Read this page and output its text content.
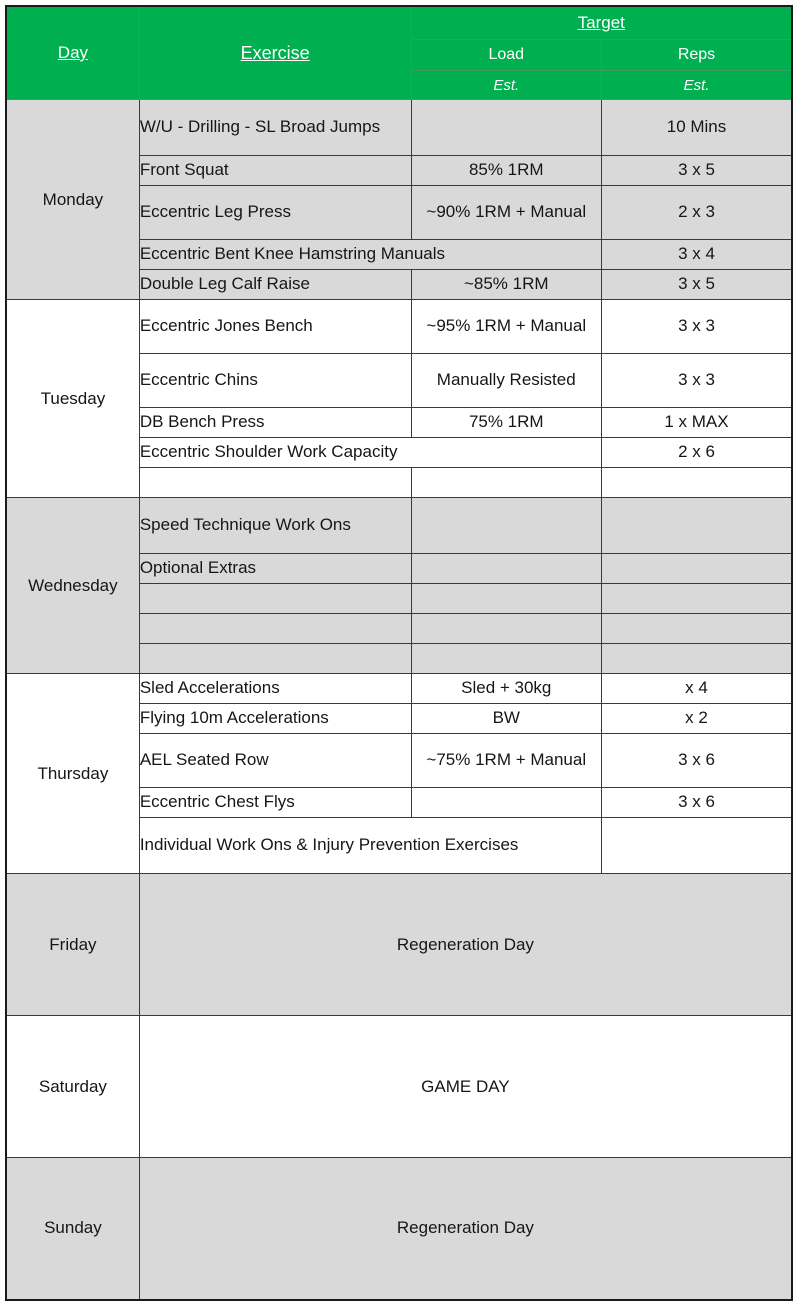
Day	Exercise	Target	
		Load	Reps
		Est.	Est.
Monday	W/U - Drilling - SL Broad Jumps		10 Mins
	Front Squat	85% 1RM	3 x 5
	Eccentric Leg Press	~90% 1RM + Manual	2 x 3
	Eccentric Bent Knee Hamstring Manuals		3 x 4
	Double Leg Calf Raise	~85% 1RM	3 x 5
Tuesday	Eccentric Jones Bench	~95% 1RM + Manual	3 x 3
	Eccentric Chins	Manually Resisted	3 x 3
	DB Bench Press	75% 1RM	1 x MAX
	Eccentric Shoulder Work Capacity		2 x 6

Wednesday	Speed Technique Work Ons		
	Optional Extras		

Thursday	Sled Accelerations	Sled + 30kg	x 4
	Flying 10m Accelerations	BW	x 2
	AEL Seated Row	~75% 1RM + Manual	3 x 6
	Eccentric Chest Flys		3 x 6
	Individual Work Ons & Injury Prevention Exercises		
Friday	Regeneration Day		
Saturday	GAME DAY		
Sunday	Regeneration Day		
